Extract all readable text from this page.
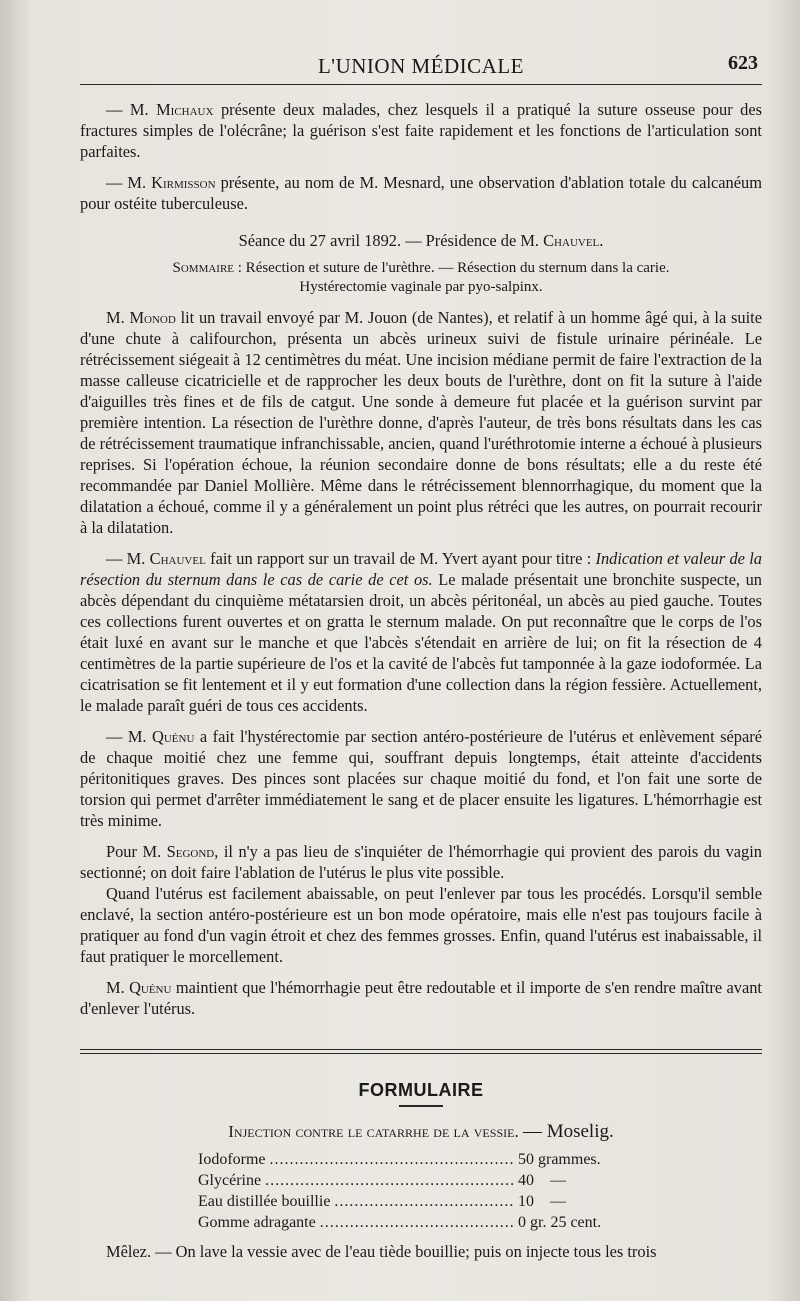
L'UNION MÉDICALE	623

— M. Michaux présente deux malades, chez lesquels il a pratiqué la suture osseuse pour des fractures simples de l'olécrâne; la guérison s'est faite rapidement et les fonctions de l'articulation sont parfaites.

— M. Kirmisson présente, au nom de M. Mesnard, une observation d'ablation totale du calcanéum pour ostéite tuberculeuse.

Séance du 27 avril 1892. — Présidence de M. Chauvel.

Sommaire : Résection et suture de l'urèthre. — Résection du sternum dans la carie.
Hystérectomie vaginale par pyo-salpinx.

M. Monod lit un travail envoyé par M. Jouon (de Nantes), et relatif à un homme âgé qui, à la suite d'une chute à califourchon, présenta un abcès urineux suivi de fistule urinaire périnéale. Le rétrécissement siégeait à 12 centimètres du méat. Une incision médiane permit de faire l'extraction de la masse calleuse cicatricielle et de rapprocher les deux bouts de l'urèthre, dont on fit la suture à l'aide d'aiguilles très fines et de fils de catgut. Une sonde à demeure fut placée et la guérison survint par première intention. La résection de l'urèthre donne, d'après l'auteur, de très bons résultats dans les cas de rétrécissement traumatique infranchissable, ancien, quand l'uréthrotomie interne a échoué à plusieurs reprises. Si l'opération échoue, la réunion secondaire donne de bons résultats; elle a du reste été recommandée par Daniel Mollière. Même dans le rétrécissement blennorrhagique, du moment que la dilatation a échoué, comme il y a généralement un point plus rétréci que les autres, on pourrait recourir à la dilatation.

— M. Chauvel fait un rapport sur un travail de M. Yvert ayant pour titre : Indication et valeur de la résection du sternum dans le cas de carie de cet os. Le malade présentait une bronchite suspecte, un abcès dépendant du cinquième métatarsien droit, un abcès péritonéal, un abcès au pied gauche. Toutes ces collections furent ouvertes et on gratta le sternum malade. On put reconnaître que le corps de l'os était luxé en avant sur le manche et que l'abcès s'étendait en arrière de lui; on fit la résection de 4 centimètres de la partie supérieure de l'os et la cavité de l'abcès fut tamponnée à la gaze iodoformée. La cicatrisation se fit lentement et il y eut formation d'une collection dans la région fessière. Actuellement, le malade paraît guéri de tous ces accidents.

— M. Quénu a fait l'hystérectomie par section antéro-postérieure de l'utérus et enlèvement séparé de chaque moitié chez une femme qui, souffrant depuis longtemps, était atteinte d'accidents péritonitiques graves. Des pinces sont placées sur chaque moitié du fond, et l'on fait une sorte de torsion qui permet d'arrêter immédiatement le sang et de placer ensuite les ligatures. L'hémorrhagie est très minime.

Pour M. Segond, il n'y a pas lieu de s'inquiéter de l'hémorrhagie qui provient des parois du vagin sectionné; on doit faire l'ablation de l'utérus le plus vite possible.

Quand l'utérus est facilement abaissable, on peut l'enlever par tous les procédés. Lorsqu'il semble enclavé, la section antéro-postérieure est un bon mode opératoire, mais elle n'est pas toujours facile à pratiquer au fond d'un vagin étroit et chez des femmes grosses. Enfin, quand l'utérus est inabaissable, il faut pratiquer le morcellement.

M. Quénu maintient que l'hémorrhagie peut être redoutable et il importe de s'en rendre maître avant d'enlever l'utérus.

FORMULAIRE
Injection contre le catarrhe de la vessie. — Moselig.
Iodoforme .....	50 grammes.
Glycérine .....	40    —
Eau distillée bouillie .....	10    —
Gomme adragante .....	0 gr. 25 cent.

Mêlez. — On lave la vessie avec de l'eau tiède bouillie; puis on injecte tous les trois
